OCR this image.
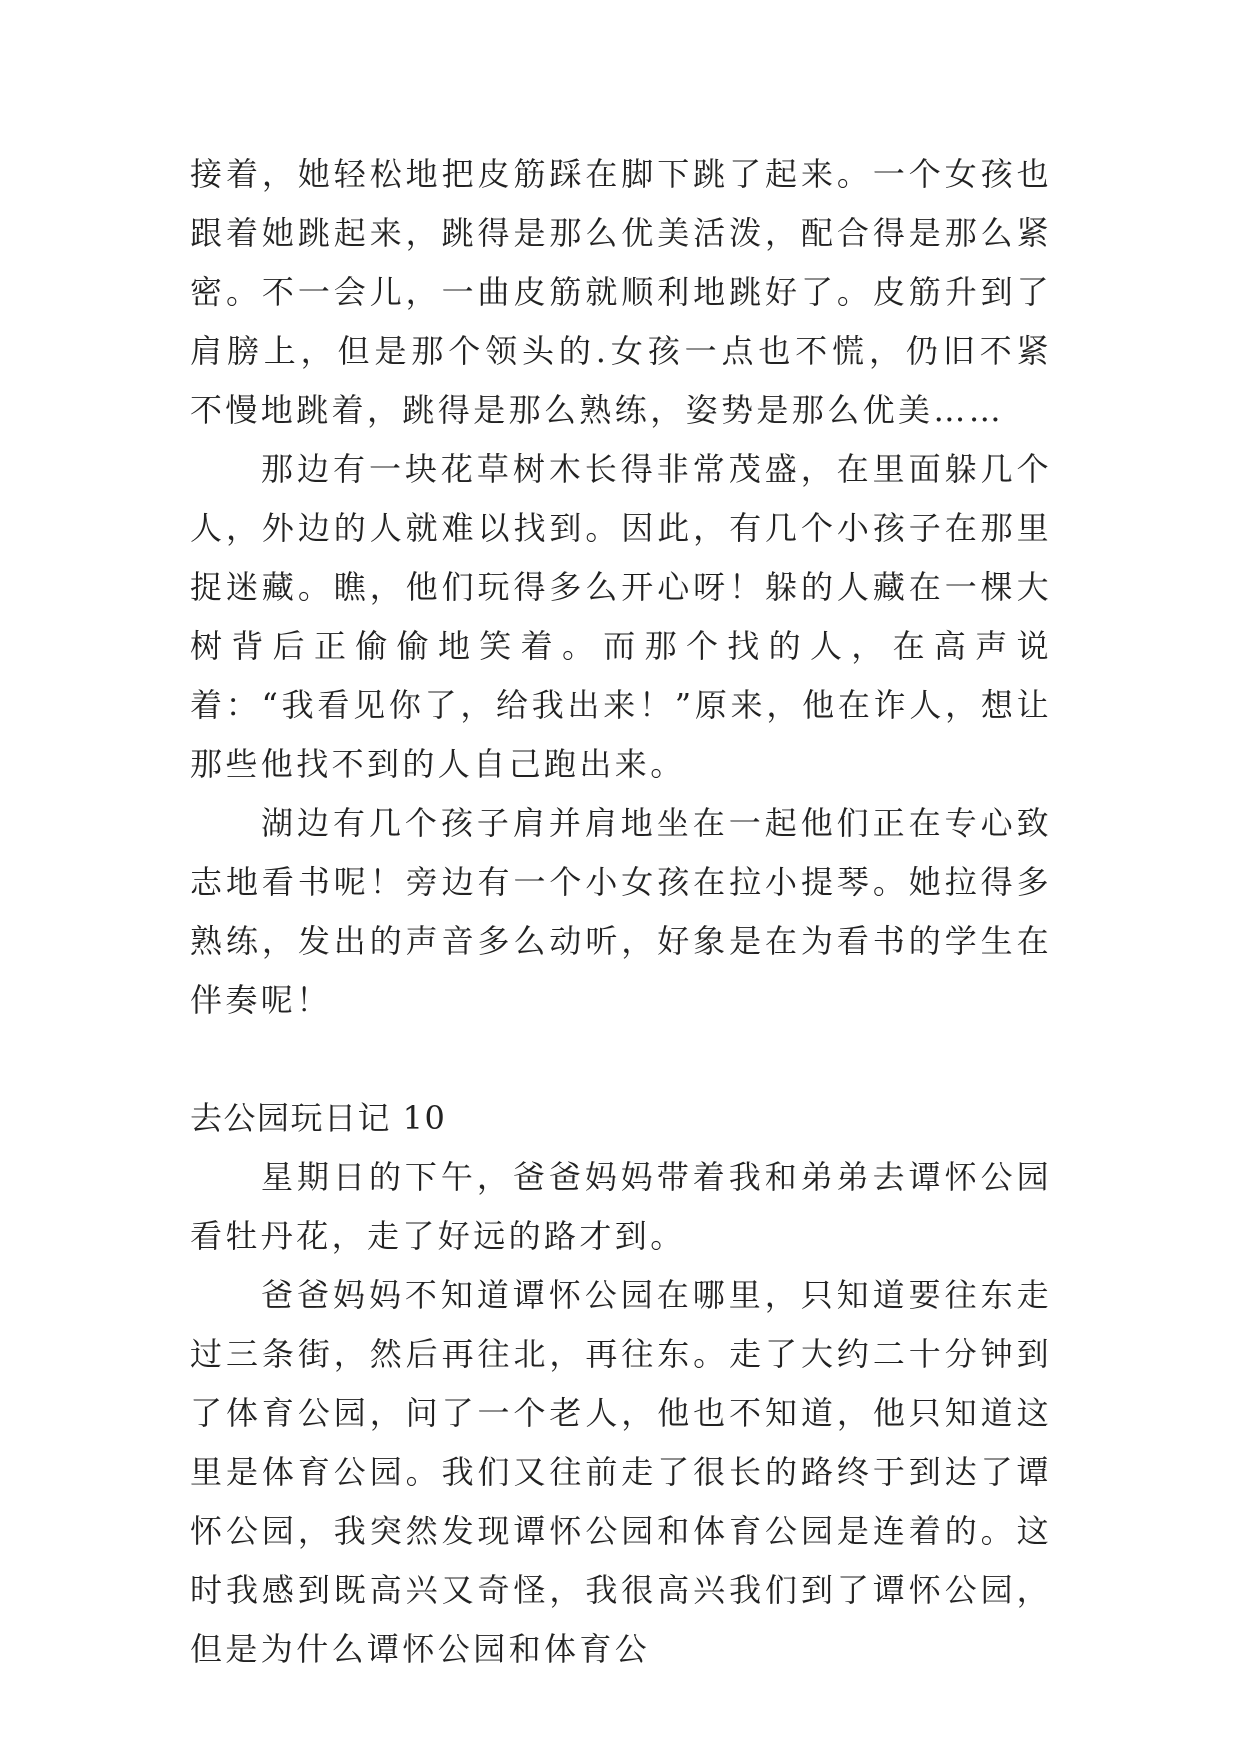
接着，她轻松地把皮筋踩在脚下跳了起来。一个女孩也跟着她跳起来，跳得是那么优美活泼，配合得是那么紧密。不一会儿，一曲皮筋就顺利地跳好了。皮筋升到了肩膀上，但是那个领头的.女孩一点也不慌，仍旧不紧不慢地跳着，跳得是那么熟练，姿势是那么优美……

那边有一块花草树木长得非常茂盛，在里面躲几个人，外边的人就难以找到。因此，有几个小孩子在那里捉迷藏。瞧，他们玩得多么开心呀！躲的人藏在一棵大树背后正偷偷地笑着。而那个找的人，在高声说着：“我看见你了，给我出来！”原来，他在诈人，想让那些他找不到的人自己跑出来。

湖边有几个孩子肩并肩地坐在一起他们正在专心致志地看书呢！旁边有一个小女孩在拉小提琴。她拉得多熟练，发出的声音多么动听，好象是在为看书的学生在伴奏呢！

去公园玩日记 10

星期日的下午，爸爸妈妈带着我和弟弟去谭怀公园看牡丹花，走了好远的路才到。

爸爸妈妈不知道谭怀公园在哪里，只知道要往东走过三条街，然后再往北，再往东。走了大约二十分钟到了体育公园，问了一个老人，他也不知道，他只知道这里是体育公园。我们又往前走了很长的路终于到达了谭怀公园，我突然发现谭怀公园和体育公园是连着的。这时我感到既高兴又奇怪，我很高兴我们到了谭怀公园，但是为什么谭怀公园和体育公
